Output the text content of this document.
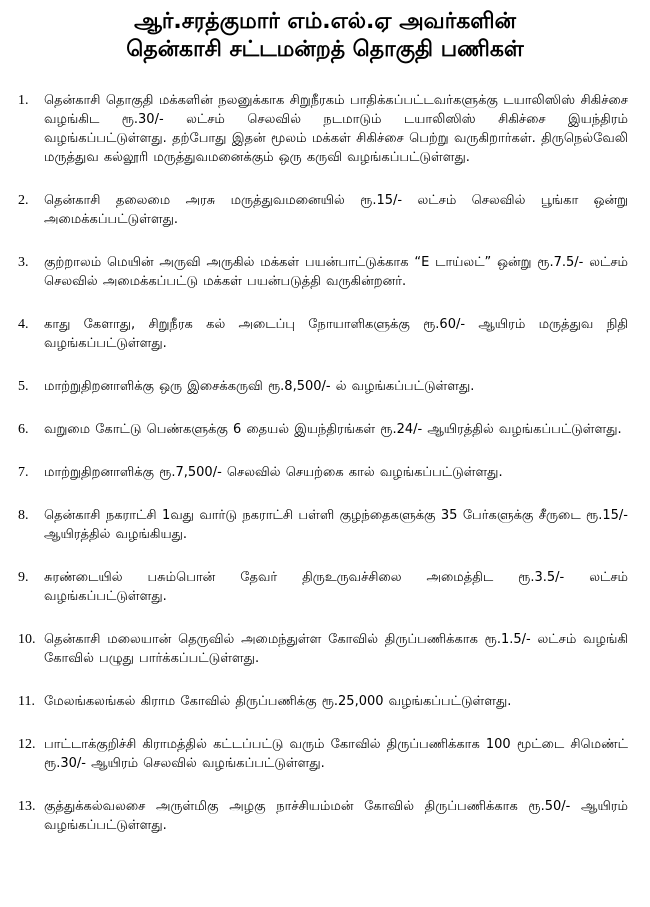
ஆர்.சரத்குமார் எம்.எல்.ஏ அவர்களின்
தென்காசி சட்டமன்றத் தொகுதி பணிகள்
1.	தென்காசி தொகுதி மக்களின் நலனுக்காக சிறுநீரகம் பாதிக்கப்பட்டவர்களுக்கு டயாலிஸிஸ் சிகிச்சை வழங்கிட ரூ.30/- லட்சம் செலவில் நடமாடும் டயாலிஸிஸ் சிகிச்சை இயந்திரம் வழங்கப்பட்டுள்ளது. தற்போது இதன் மூலம் மக்கள் சிகிச்சை பெற்று வருகிறார்கள். திருநெல்வேலி மருத்துவ கல்லூரி மருத்துவமனைக்கும் ஒரு கருவி வழங்கப்பட்டுள்ளது.
2.	தென்காசி தலைமை அரசு மருத்துவமனையில் ரூ.15/- லட்சம் செலவில் பூங்கா ஒன்று அமைக்கப்பட்டுள்ளது.
3.	குற்றாலம் மெயின் அருவி அருகில் மக்கள் பயன்பாட்டுக்காக “E டாய்லட்” ஒன்று ரூ.7.5/- லட்சம் செலவில் அமைக்கப்பட்டு மக்கள் பயன்படுத்தி வருகின்றனர்.
4.	காது கேளாது, சிறுநீரக கல் அடைப்பு நோயாளிகளுக்கு ரூ.60/- ஆயிரம் மருத்துவ நிதி வழங்கப்பட்டுள்ளது.
5.	மாற்றுதிறனாளிக்கு ஒரு இசைக்கருவி ரூ.8,500/- ல் வழங்கப்பட்டுள்ளது.
6.	வறுமை கோட்டு பெண்களுக்கு 6 தையல் இயந்திரங்கள் ரூ.24/- ஆயிரத்தில் வழங்கப்பட்டுள்ளது.
7.	மாற்றுதிறனாளிக்கு ரூ.7,500/- செலவில் செயற்கை கால் வழங்கப்பட்டுள்ளது.
8.	தென்காசி நகராட்சி 1வது வார்டு நகராட்சி பள்ளி குழந்தைகளுக்கு 35 பேர்களுக்கு சீருடை ரூ.15/- ஆயிரத்தில் வழங்கியது.
9.	சுரண்டையில் பசும்பொன் தேவர் திருஉருவச்சிலை அமைத்திட ரூ.3.5/- லட்சம் வழங்கப்பட்டுள்ளது.
10. தென்காசி மலையான் தெருவில் அமைந்துள்ள கோவில் திருப்பணிக்காக ரூ.1.5/- லட்சம் வழங்கி கோவில் பழுது பார்க்கப்பட்டுள்ளது.
11. மேலங்கலங்கல் கிராம கோவில் திருப்பணிக்கு ரூ.25,000 வழங்கப்பட்டுள்ளது.
12. பாட்டாக்குறிச்சி கிராமத்தில் கட்டப்பட்டு வரும் கோவில் திருப்பணிக்காக 100 மூட்டை சிமெண்ட் ரூ.30/- ஆயிரம் செலவில் வழங்கப்பட்டுள்ளது.
13. குத்துக்கல்வலசை அருள்மிகு அழகு நாச்சியம்மன் கோவில் திருப்பணிக்காக ரூ.50/- ஆயிரம் வழங்கப்பட்டுள்ளது.
